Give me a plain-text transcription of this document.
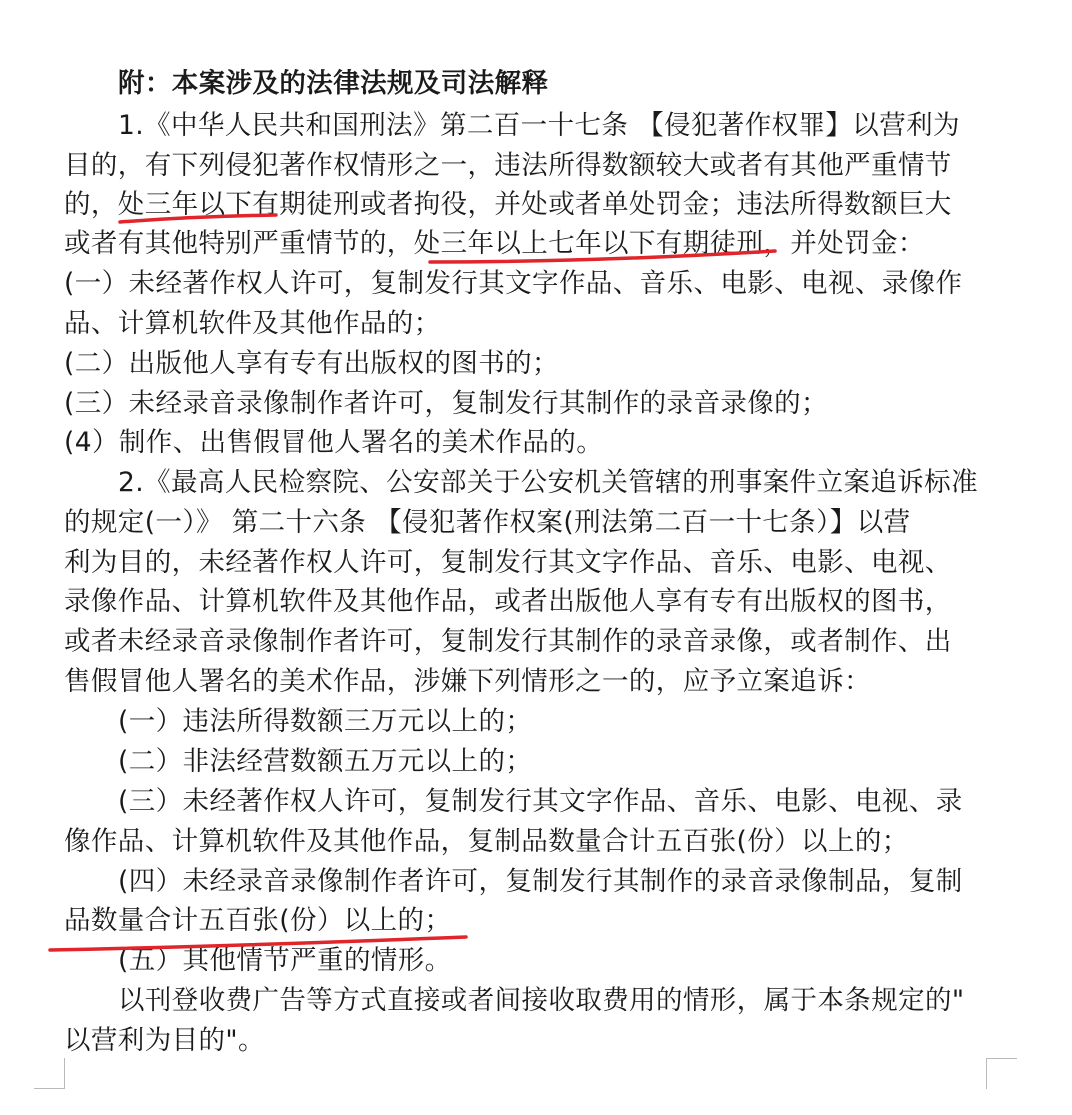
附：本案涉及的法律法规及司法解释
1.《中华人民共和国刑法》第二百一十七条 【侵犯著作权罪】以营利为
目的，有下列侵犯著作权情形之一，违法所得数额较大或者有其他严重情节
的，处三年以下有期徒刑或者拘役，并处或者单处罚金；违法所得数额巨大
或者有其他特别严重情节的，处三年以上七年以下有期徒刑，并处罚金：
(一）未经著作权人许可，复制发行其文字作品、音乐、电影、电视、录像作
品、计算机软件及其他作品的；
(二）出版他人享有专有出版权的图书的；
(三）未经录音录像制作者许可，复制发行其制作的录音录像的；
(4）制作、出售假冒他人署名的美术作品的。
2.《最高人民检察院、公安部关于公安机关管辖的刑事案件立案追诉标准
的规定(一）》 第二十六条 【侵犯著作权案(刑法第二百一十七条）】以营
利为目的，未经著作权人许可，复制发行其文字作品、音乐、电影、电视、
录像作品、计算机软件及其他作品，或者出版他人享有专有出版权的图书，
或者未经录音录像制作者许可，复制发行其制作的录音录像，或者制作、出
售假冒他人署名的美术作品，涉嫌下列情形之一的，应予立案追诉：
(一）违法所得数额三万元以上的；
(二）非法经营数额五万元以上的；
(三）未经著作权人许可，复制发行其文字作品、音乐、电影、电视、录
像作品、计算机软件及其他作品，复制品数量合计五百张(份）以上的；
(四）未经录音录像制作者许可，复制发行其制作的录音录像制品，复制
品数量合计五百张(份）以上的；
(五）其他情节严重的情形。
以刊登收费广告等方式直接或者间接收取费用的情形，属于本条规定的"
以营利为目的"。
